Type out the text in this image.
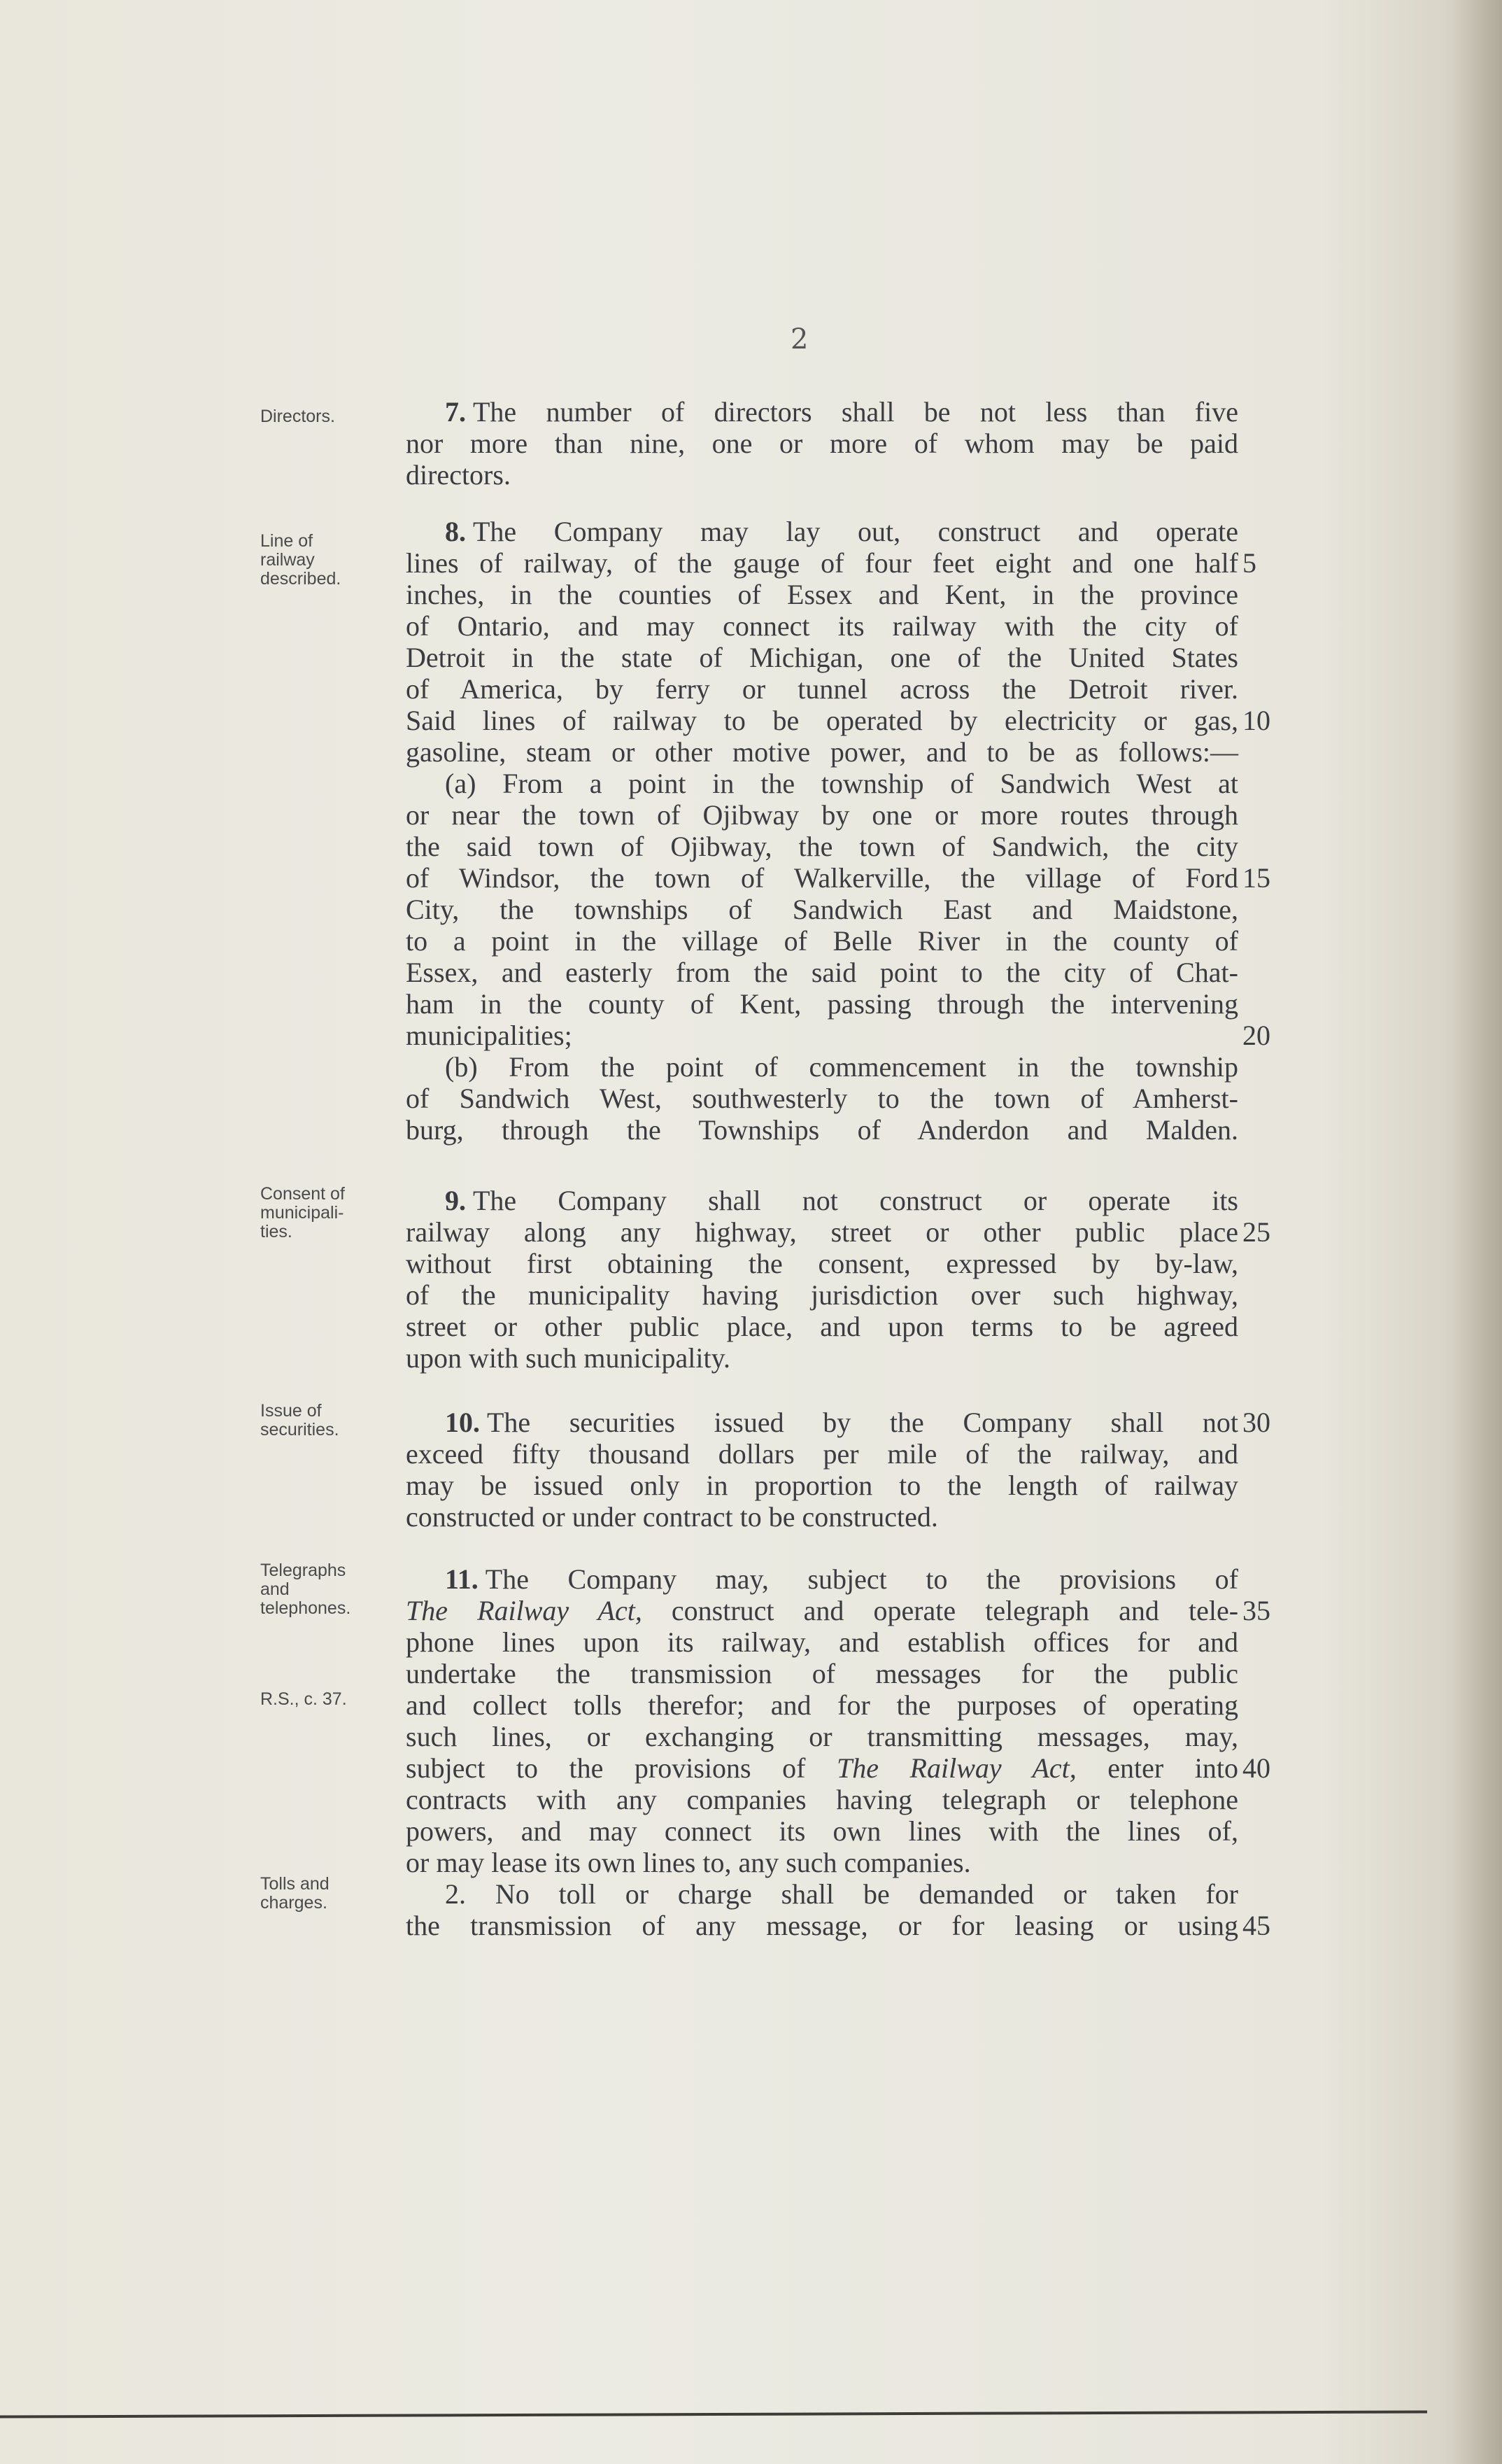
2
Directors.
Line of
railway
described.
Consent of
municipali-
ties.
Issue of
securities.
Telegraphs
and
telephones.
R.S., c. 37.
Tolls and
charges.
7. The number of directors shall be not less than five
nor more than nine, one or more of whom may be paid
directors.
8. The Company may lay out, construct and operate
lines of railway, of the gauge of four feet eight and one half
inches, in the counties of Essex and Kent, in the province
of Ontario, and may connect its railway with the city of
Detroit in the state of Michigan, one of the United States
of America, by ferry or tunnel across the Detroit river.
Said lines of railway to be operated by electricity or gas,
gasoline, steam or other motive power, and to be as follows:—
(a) From a point in the township of Sandwich West at
or near the town of Ojibway by one or more routes through
the said town of Ojibway, the town of Sandwich, the city
of Windsor, the town of Walkerville, the village of Ford
City, the townships of Sandwich East and Maidstone,
to a point in the village of Belle River in the county of
Essex, and easterly from the said point to the city of Chat-
ham in the county of Kent, passing through the intervening
municipalities;
(b) From the point of commencement in the township
of Sandwich West, southwesterly to the town of Amherst-
burg, through the Townships of Anderdon and Malden.
9. The Company shall not construct or operate its
railway along any highway, street or other public place
without first obtaining the consent, expressed by by-law,
of the municipality having jurisdiction over such highway,
street or other public place, and upon terms to be agreed
upon with such municipality.
10. The securities issued by the Company shall not
exceed fifty thousand dollars per mile of the railway, and
may be issued only in proportion to the length of railway
constructed or under contract to be constructed.
11. The Company may, subject to the provisions of
The Railway Act, construct and operate telegraph and tele-
phone lines upon its railway, and establish offices for and
undertake the transmission of messages for the public
and collect tolls therefor; and for the purposes of operating
such lines, or exchanging or transmitting messages, may,
subject to the provisions of The Railway Act, enter into
contracts with any companies having telegraph or telephone
powers, and may connect its own lines with the lines of,
or may lease its own lines to, any such companies.
2. No toll or charge shall be demanded or taken for
the transmission of any message, or for leasing or using
5
10
15
20
25
30
35
40
45
